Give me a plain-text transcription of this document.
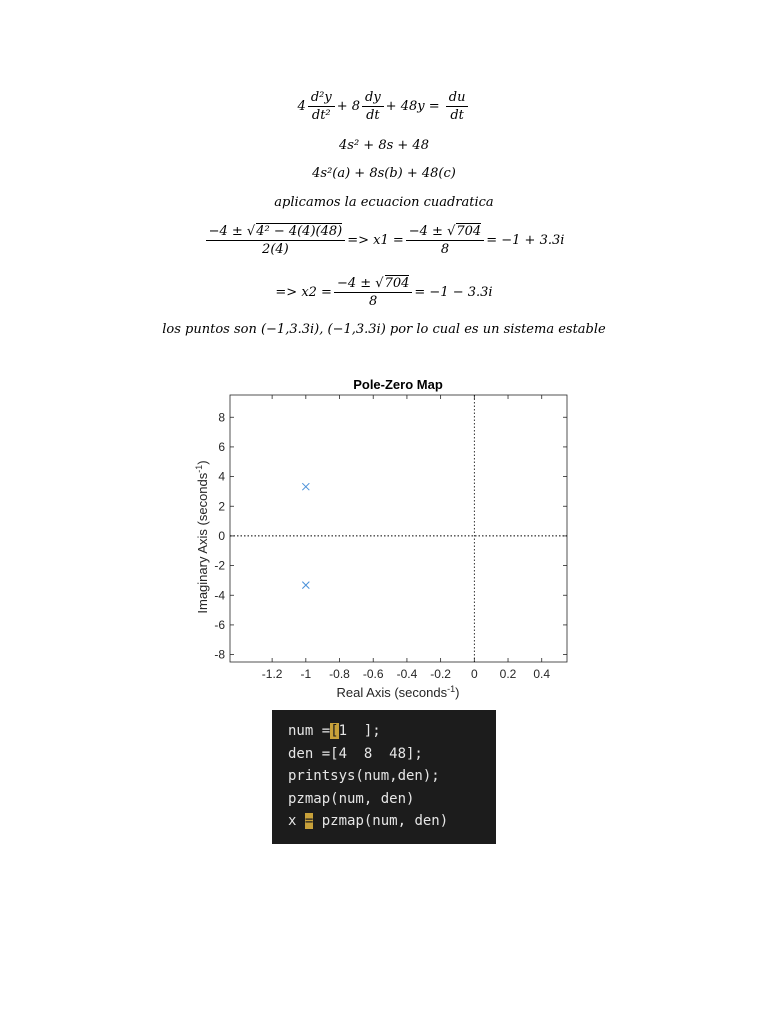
$4 \frac{\text{d²y}}{\text{dt²}} + 8 \frac{dy}{dt} + 48y = \frac{du}{dt}$
4s² + 8s + 48
4s²(a) + 8s(b) + 48(c)
aplicamos la ecuacion cuadratica
$\frac{\text{−4 ± √4² − 4(4)(48)}}{2(4)} => x1 = \frac{-4 \pm √704}{8} = -1 + 3.3i$
=> $x2 = \frac{-4 \pm √704}{8} = -1 - 3.3i$
los puntos son (−1,3.3i), (−1,3.3i) por lo cual es un sistema estable
Pole-Zero Map
-1.2 -1 -0.8 -0.6 -0.4 -0.2 0 0.2 0.4
-8
-6
-4
-2
0
2
4
6
8
Real Axis (seconds$^{-1}$)
Imaginary Axis (seconds$^{-1}$)
num =[1  ];
den =[4  8  48];
printsys(num,den);
pzmap(num, den)
x = pzmap(num, den)
